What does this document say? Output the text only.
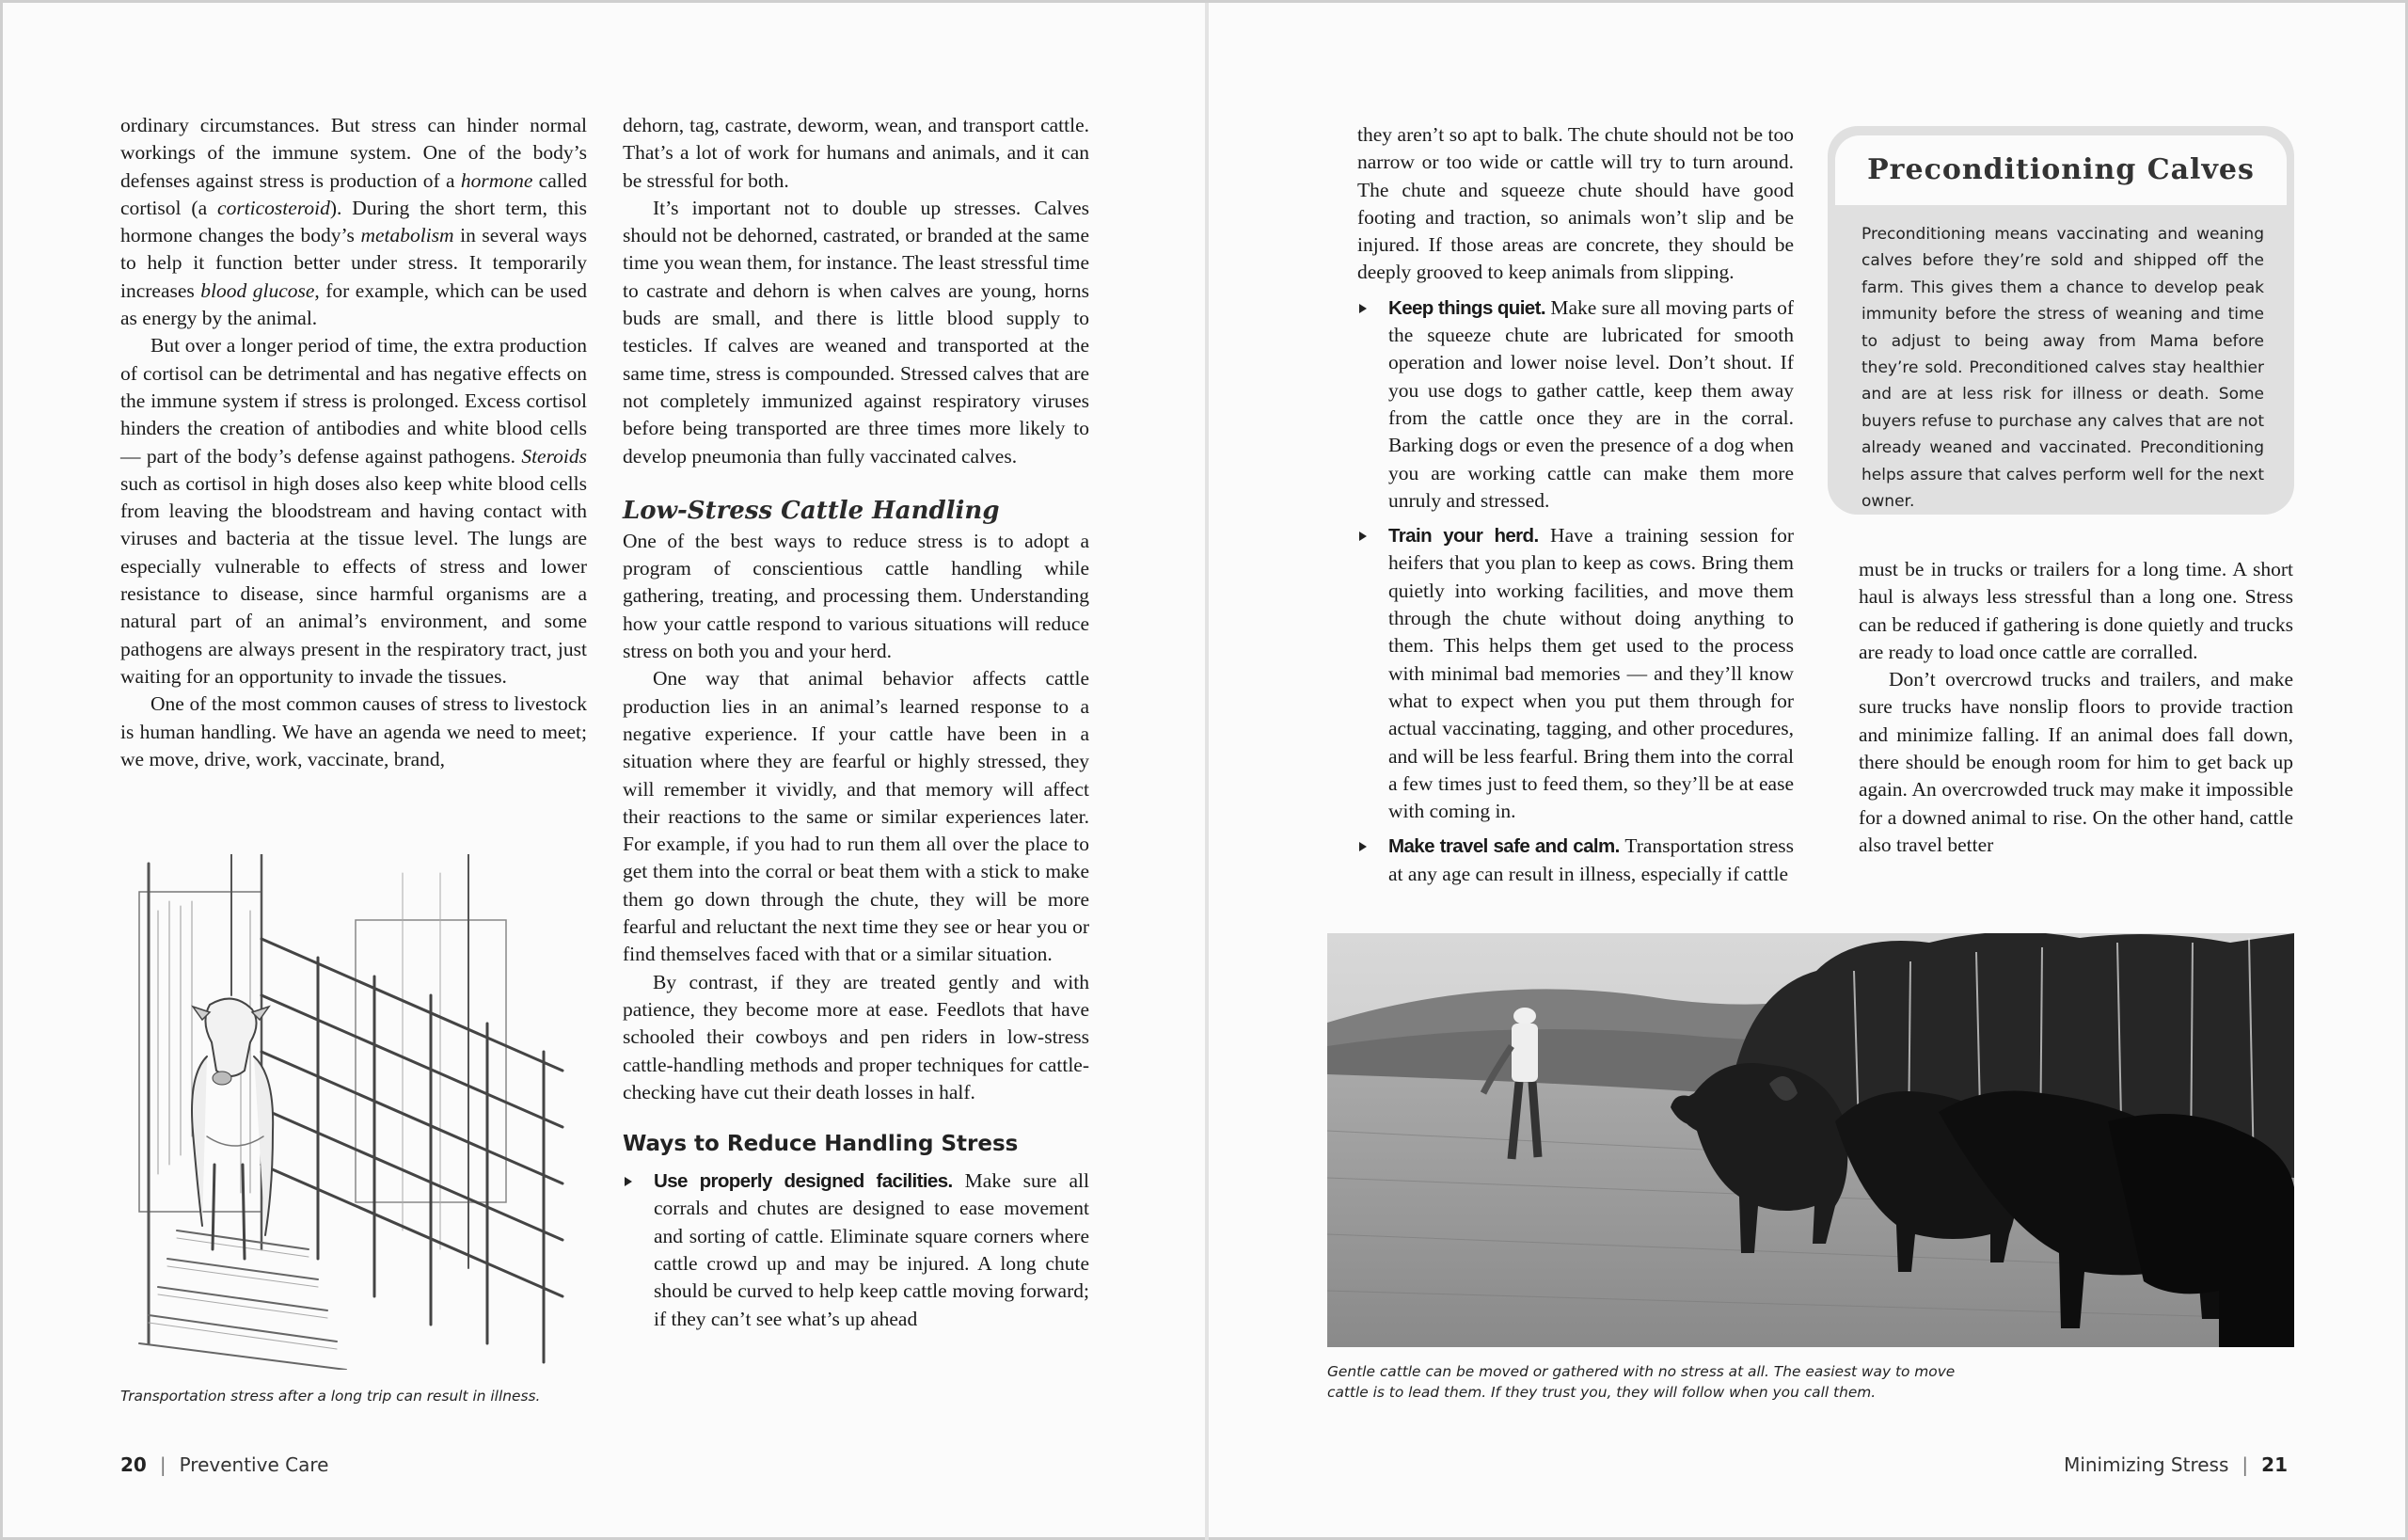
ordinary circumstances. But stress can hinder normal workings of the immune system. One of the body’s defenses against stress is production of a hormone called cortisol (a corticosteroid). During the short term, this hormone changes the body’s metabolism in several ways to help it function better under stress. It temporarily increases blood glucose, for example, which can be used as energy by the animal.

But over a longer period of time, the extra production of cortisol can be detrimental and has negative effects on the immune system if stress is prolonged. Excess cortisol hinders the creation of antibodies and white blood cells — part of the body’s defense against pathogens. Steroids such as cortisol in high doses also keep white blood cells from leaving the bloodstream and having contact with viruses and bacteria at the tissue level. The lungs are especially vulnerable to effects of stress and lower resistance to disease, since harmful organisms are a natural part of an animal’s environment, and some pathogens are always present in the respiratory tract, just waiting for an opportunity to invade the tissues.

One of the most common causes of stress to livestock is human handling. We have an agenda we need to meet; we move, drive, work, vaccinate, brand,

Transportation stress after a long trip can result in illness.

dehorn, tag, castrate, deworm, wean, and transport cattle. That’s a lot of work for humans and animals, and it can be stressful for both.

It’s important not to double up stresses. Calves should not be dehorned, castrated, or branded at the same time you wean them, for instance. The least stressful time to castrate and dehorn is when calves are young, horns buds are small, and there is little blood supply to testicles. If calves are weaned and transported at the same time, stress is compounded. Stressed calves that are not completely immunized against respiratory viruses before being transported are three times more likely to develop pneumonia than fully vaccinated calves.

Low-Stress Cattle Handling

One of the best ways to reduce stress is to adopt a program of conscientious cattle handling while gathering, treating, and processing them. Understanding how your cattle respond to various situations will reduce stress on both you and your herd.

One way that animal behavior affects cattle production lies in an animal’s learned response to a negative experience. If your cattle have been in a situation where they are fearful or highly stressed, they will remember it vividly, and that memory will affect their reactions to the same or similar experiences later. For example, if you had to run them all over the place to get them into the corral or beat them with a stick to make them go down through the chute, they will be more fearful and reluctant the next time they see or hear you or find themselves faced with that or a similar situation.

By contrast, if they are treated gently and with patience, they become more at ease. Feedlots that have schooled their cowboys and pen riders in low-stress cattle-handling methods and proper techniques for cattle-checking have cut their death losses in half.

Ways to Reduce Handling Stress
Use properly designed facilities. Make sure all corrals and chutes are designed to ease movement and sorting of cattle. Eliminate square corners where cattle crowd up and may be injured. A long chute should be curved to help keep cattle moving forward; if they can’t see what’s up ahead
20 | Preventive Care

they aren’t so apt to balk. The chute should not be too narrow or too wide or cattle will try to turn around. The chute and squeeze chute should have good footing and traction, so animals won’t slip and be injured. If those areas are concrete, they should be deeply grooved to keep animals from slipping.

Keep things quiet. Make sure all moving parts of the squeeze chute are lubricated for smooth operation and lower noise level. Don’t shout. If you use dogs to gather cattle, keep them away from the cattle once they are in the corral. Barking dogs or even the presence of a dog when you are working cattle can make them more unruly and stressed.
Train your herd. Have a training session for heifers that you plan to keep as cows. Bring them quietly into working facilities, and move them through the chute without doing anything to them. This helps them get used to the process with minimal bad memories — and they’ll know what to expect when you put them through for actual vaccinating, tagging, and other procedures, and will be less fearful. Bring them into the corral a few times just to feed them, so they’ll be at ease with coming in.
Make travel safe and calm. Transportation stress at any age can result in illness, especially if cattle
Preconditioning Calves
Preconditioning means vaccinating and weaning calves before they’re sold and shipped off the farm. This gives them a chance to develop peak immunity before the stress of weaning and time to adjust to being away from Mama before they’re sold. Preconditioned calves stay healthier and are at less risk for illness or death. Some buyers refuse to purchase any calves that are not already weaned and vaccinated. Preconditioning helps assure that calves perform well for the next owner.

must be in trucks or trailers for a long time. A short haul is always less stressful than a long one. Stress can be reduced if gathering is done quietly and trucks are ready to load once cattle are corralled.

Don’t overcrowd trucks and trailers, and make sure trucks have nonslip floors to provide traction and minimize falling. If an animal does fall down, there should be enough room for him to get back up again. An overcrowded truck may make it impossible for a downed animal to rise. On the other hand, cattle also travel better

Gentle cattle can be moved or gathered with no stress at all. The easiest way to move cattle is to lead them. If they trust you, they will follow when you call them.
Minimizing Stress | 21
